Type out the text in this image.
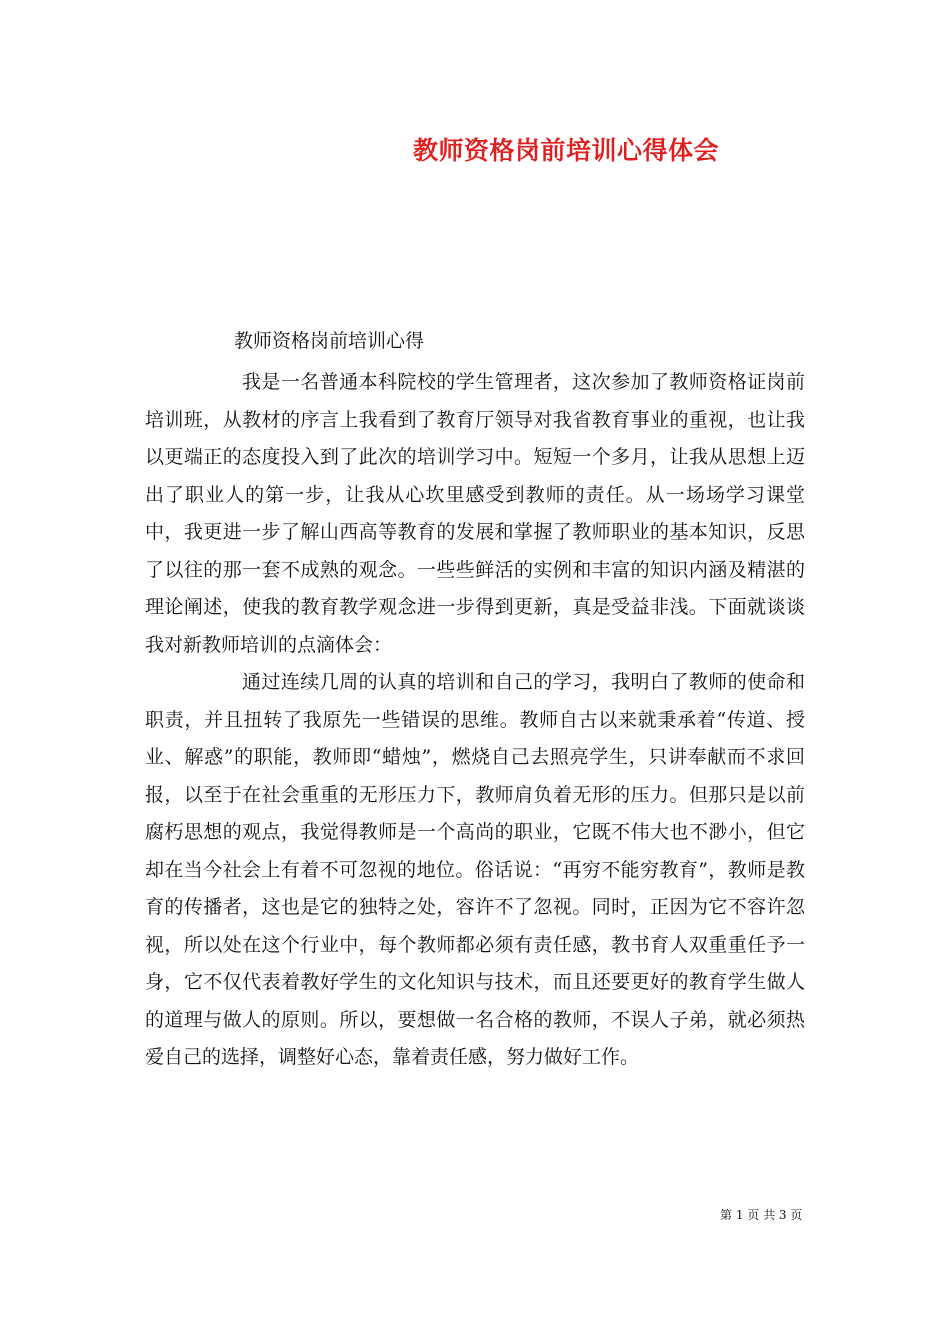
教师资格岗前培训心得体会

教师资格岗前培训心得

我是一名普通本科院校的学生管理者，这次参加了教师资格证岗前培训班，从教材的序言上我看到了教育厅领导对我省教育事业的重视，也让我以更端正的态度投入到了此次的培训学习中。短短一个多月，让我从思想上迈出了职业人的第一步，让我从心坎里感受到教师的责任。从一场场学习课堂中，我更进一步了解山西高等教育的发展和掌握了教师职业的基本知识，反思了以往的那一套不成熟的观念。一些些鲜活的实例和丰富的知识内涵及精湛的理论阐述，使我的教育教学观念进一步得到更新，真是受益非浅。下面就谈谈我对新教师培训的点滴体会：

通过连续几周的认真的培训和自己的学习，我明白了教师的使命和职责，并且扭转了我原先一些错误的思维。教师自古以来就秉承着“传道、授业、解惑”的职能，教师即“蜡烛”，燃烧自己去照亮学生，只讲奉献而不求回报，以至于在社会重重的无形压力下，教师肩负着无形的压力。但那只是以前腐朽思想的观点，我觉得教师是一个高尚的职业，它既不伟大也不渺小，但它却在当今社会上有着不可忽视的地位。俗话说：“再穷不能穷教育”，教师是教育的传播者，这也是它的独特之处，容许不了忽视。同时，正因为它不容许忽视，所以处在这个行业中，每个教师都必须有责任感，教书育人双重重任予一身，它不仅代表着教好学生的文化知识与技术，而且还要更好的教育学生做人的道理与做人的原则。所以，要想做一名合格的教师，不误人子弟，就必须热爱自己的选择，调整好心态，靠着责任感，努力做好工作。

第 1 页 共 3 页
